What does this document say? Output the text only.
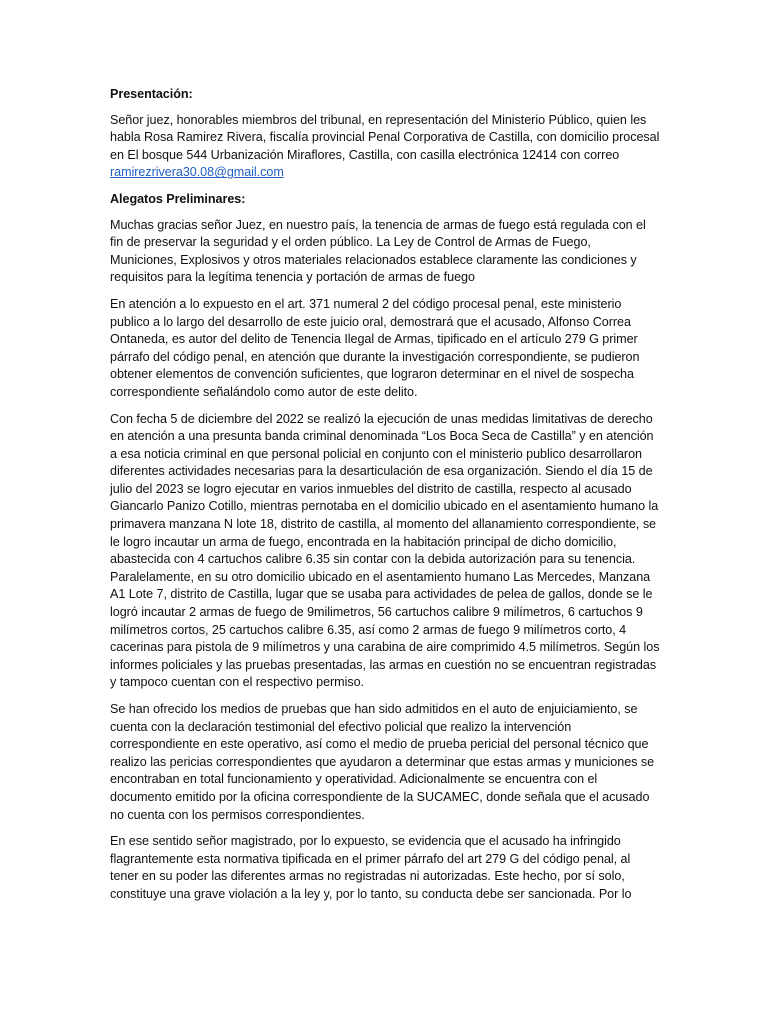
Presentación:

Señor juez, honorables miembros del tribunal, en representación del Ministerio Público, quien les habla Rosa Ramirez Rivera, fiscalía provincial Penal Corporativa de Castilla, con domicilio procesal en El bosque 544 Urbanización Miraflores, Castilla, con casilla electrónica 12414 con correo ramirezrivera30.08@gmail.com

Alegatos Preliminares:

Muchas gracias señor Juez, en nuestro país, la tenencia de armas de fuego está regulada con el fin de preservar la seguridad y el orden público. La Ley de Control de Armas de Fuego, Municiones, Explosivos y otros materiales relacionados establece claramente las condiciones y requisitos para la legítima tenencia y portación de armas de fuego

En atención a lo expuesto en el art. 371 numeral 2 del código procesal penal, este ministerio publico a lo largo del desarrollo de este juicio oral, demostrará que el acusado, Alfonso Correa Ontaneda, es autor del delito de Tenencia Ilegal de Armas, tipificado en el artículo 279 G primer párrafo del código penal, en atención que durante la investigación correspondiente, se pudieron obtener elementos de convención suficientes, que lograron determinar en el nivel de sospecha correspondiente señalándolo como autor de este delito.

Con fecha 5 de diciembre del 2022 se realizó la ejecución de unas medidas limitativas de derecho en atención a una presunta banda criminal denominada “Los Boca Seca de Castilla” y en atención a esa noticia criminal en que personal policial en conjunto con el ministerio publico desarrollaron diferentes actividades necesarias para la desarticulación de esa organización. Siendo el día 15 de julio del 2023 se logro ejecutar en varios inmuebles del distrito de castilla, respecto al acusado Giancarlo Panizo Cotillo, mientras pernotaba en el domicilio ubicado en el asentamiento humano la primavera manzana N lote 18, distrito de castilla, al momento del allanamiento correspondiente, se le logro incautar un arma de fuego, encontrada en la habitación principal de dicho domicilio, abastecida con 4 cartuchos calibre 6.35 sin contar con la debida autorización para su tenencia. Paralelamente, en su otro domicilio ubicado en el asentamiento humano Las Mercedes, Manzana A1 Lote 7, distrito de Castilla, lugar que se usaba para actividades de pelea de gallos, donde se le logró incautar 2 armas de fuego de 9milimetros, 56 cartuchos calibre 9 milímetros, 6 cartuchos 9 milímetros cortos, 25 cartuchos calibre 6.35, así como 2 armas de fuego 9 milímetros corto, 4 cacerinas para pistola de 9 milímetros y una carabina de aire comprimido 4.5 milímetros. Según los informes policiales y las pruebas presentadas, las armas en cuestión no se encuentran registradas y tampoco cuentan con el respectivo permiso.

Se han ofrecido los medios de pruebas que han sido admitidos en el auto de enjuiciamiento, se cuenta con la declaración testimonial del efectivo policial que realizo la intervención correspondiente en este operativo, así como el medio de prueba pericial del personal técnico que realizo las pericias correspondientes que ayudaron a determinar que estas armas y municiones se encontraban en total funcionamiento y operatividad. Adicionalmente se encuentra con el documento emitido por la oficina correspondiente de la SUCAMEC, donde señala que el acusado no cuenta con los permisos correspondientes.

En ese sentido señor magistrado, por lo expuesto, se evidencia que el acusado ha infringido flagrantemente esta normativa tipificada en el primer párrafo del art 279 G del código penal, al tener en su poder las diferentes armas no registradas ni autorizadas. Este hecho, por sí solo, constituye una grave violación a la ley y, por lo tanto, su conducta debe ser sancionada. Por lo
